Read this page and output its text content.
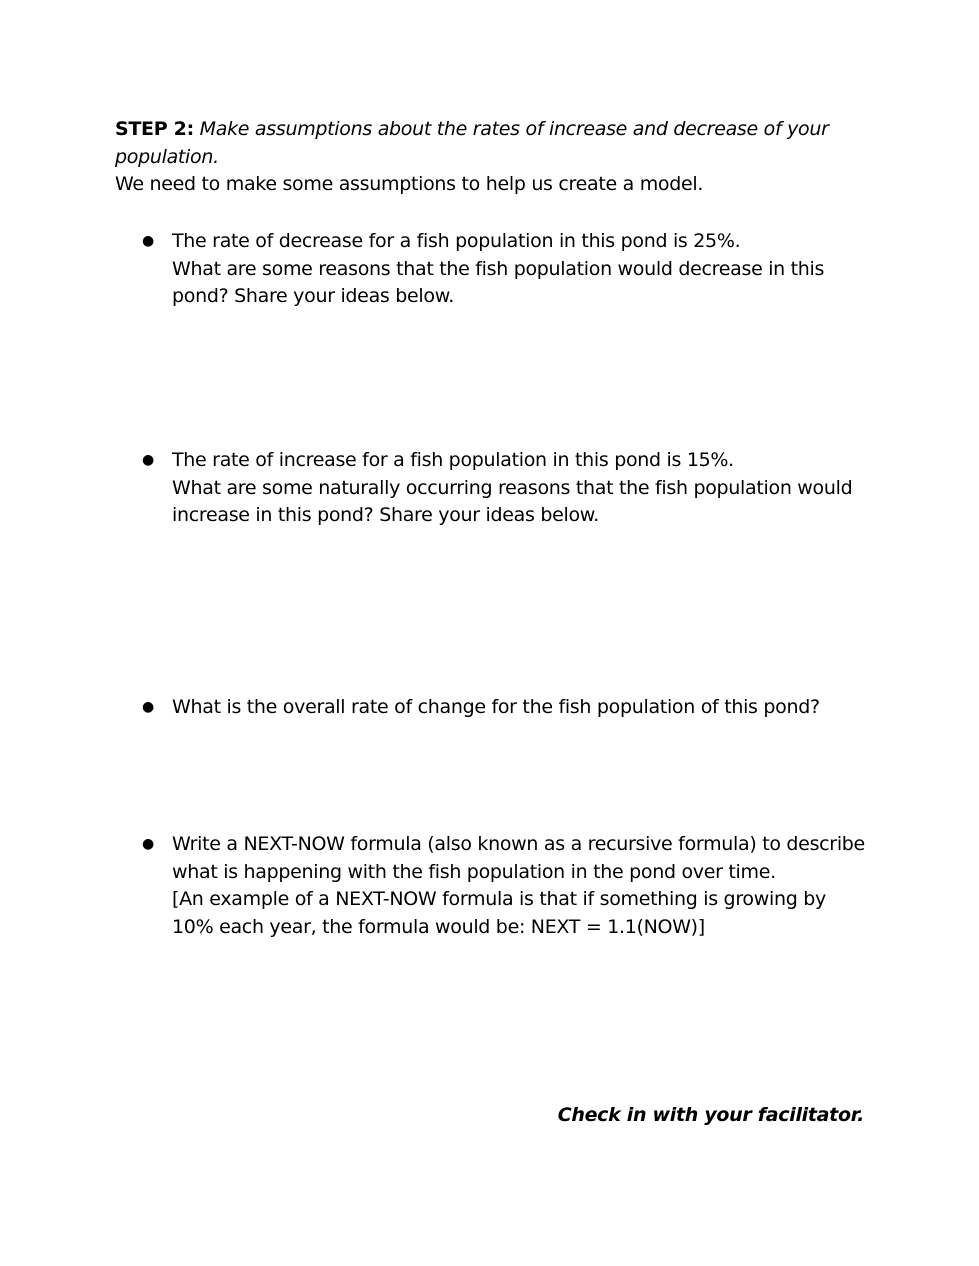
STEP 2: Make assumptions about the rates of increase and decrease of your population.

We need to make some assumptions to help us create a model.

● The rate of decrease for a fish population in this pond is 25%.

What are some reasons that the fish population would decrease in this pond? Share your ideas below.

● The rate of increase for a fish population in this pond is 15%.

What are some naturally occurring reasons that the fish population would increase in this pond? Share your ideas below.

● What is the overall rate of change for the fish population of this pond?

● Write a NEXT-NOW formula (also known as a recursive formula) to describe what is happening with the fish population in the pond over time.

[An example of a NEXT-NOW formula is that if something is growing by 10% each year, the formula would be: NEXT = 1.1(NOW)]

Check in with your facilitator.
